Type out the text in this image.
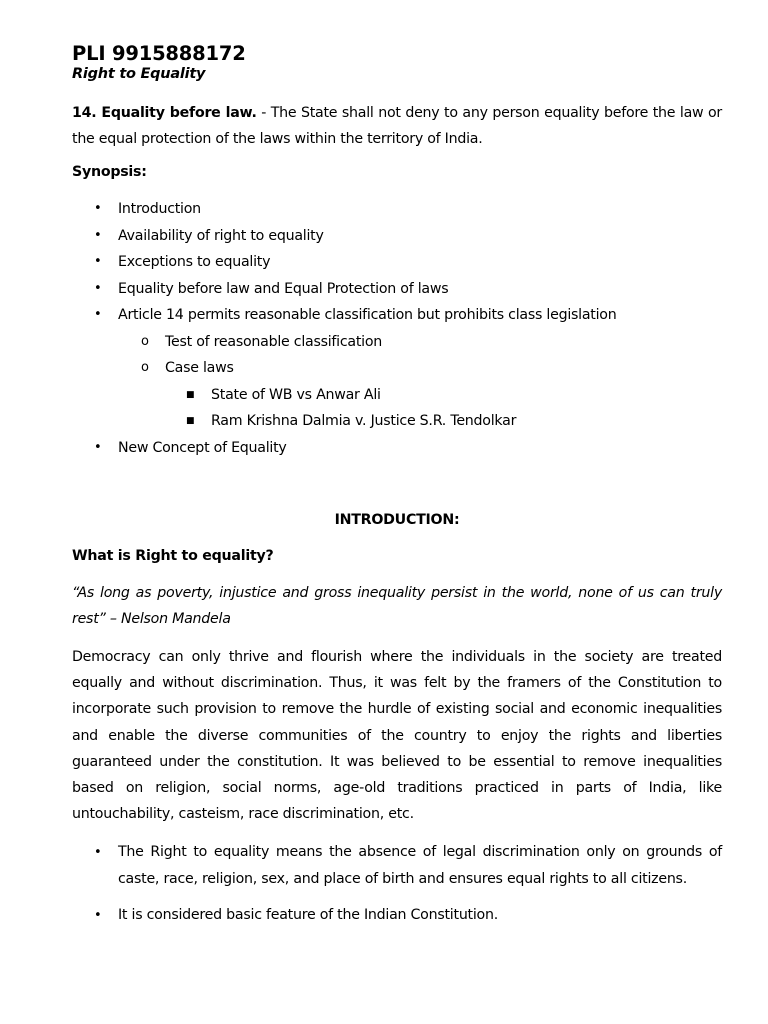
PLI 9915888172

Right to Equality

14. Equality before law. - The State shall not deny to any person equality before the law or the equal protection of the laws within the territory of India.

Synopsis:

• Introduction
• Availability of right to equality
• Exceptions to equality
• Equality before law and Equal Protection of laws
• Article 14 permits reasonable classification but prohibits class legislation
o Test of reasonable classification
o Case laws
■ State of WB vs Anwar Ali
■ Ram Krishna Dalmia v. Justice S.R. Tendolkar
• New Concept of Equality

INTRODUCTION:

What is Right to equality?

“As long as poverty, injustice and gross inequality persist in the world, none of us can truly rest” – Nelson Mandela

Democracy can only thrive and flourish where the individuals in the society are treated equally and without discrimination. Thus, it was felt by the framers of the Constitution to incorporate such provision to remove the hurdle of existing social and economic inequalities and enable the diverse communities of the country to enjoy the rights and liberties guaranteed under the constitution. It was believed to be essential to remove inequalities based on religion, social norms, age-old traditions practiced in parts of India, like untouchability, casteism, race discrimination, etc.

• The Right to equality means the absence of legal discrimination only on grounds of caste, race, religion, sex, and place of birth and ensures equal rights to all citizens.
• It is considered basic feature of the Indian Constitution.
